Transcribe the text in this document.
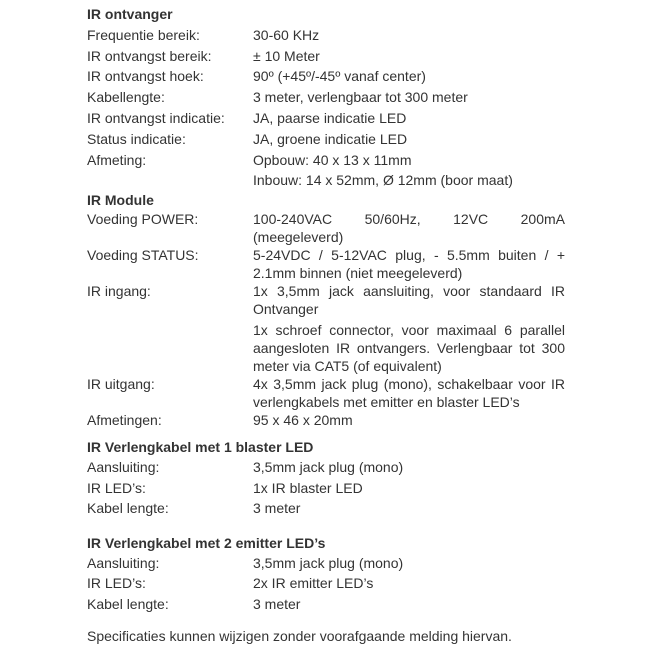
IR ontvanger
Frequentie bereik:	30-60 KHz

IR ontvangst bereik:	± 10 Meter

IR ontvangst hoek:	90º (+45º/-45º vanaf center)

Kabellengte:	3 meter, verlengbaar tot 300 meter

IR ontvangst indicatie:	JA, paarse indicatie LED

Status indicatie:	JA, groene indicatie LED

Afmeting:	Opbouw: 40 x 13 x 11mm

Inbouw: 14 x 52mm, Ø 12mm (boor maat)

IR Module
Voeding POWER:	100-240VAC 50/60Hz, 12VC 200mA (meegeleverd)

Voeding STATUS:	5-24VDC / 5-12VAC plug, - 5.5mm buiten / + 2.1mm binnen (niet meegeleverd)

IR ingang:	1x 3,5mm jack aansluiting, voor standaard IR Ontvanger

1x schroef connector, voor maximaal 6 parallel aangesloten IR ontvangers. Verlengbaar tot 300 meter via CAT5 (of equivalent)

IR uitgang:	4x 3,5mm jack plug (mono), schakelbaar voor IR verlengkabels met emitter en blaster LED’s

Afmetingen:	95 x 46 x 20mm

IR Verlengkabel met 1 blaster LED
Aansluiting:	3,5mm jack plug (mono)

IR LED’s:	1x IR blaster LED

Kabel lengte:	3 meter

IR Verlengkabel met 2 emitter LED’s
Aansluiting:	3,5mm jack plug (mono)

IR LED’s:	2x IR emitter LED’s

Kabel lengte:	3 meter

Specificaties kunnen wijzigen zonder voorafgaande melding hiervan.
